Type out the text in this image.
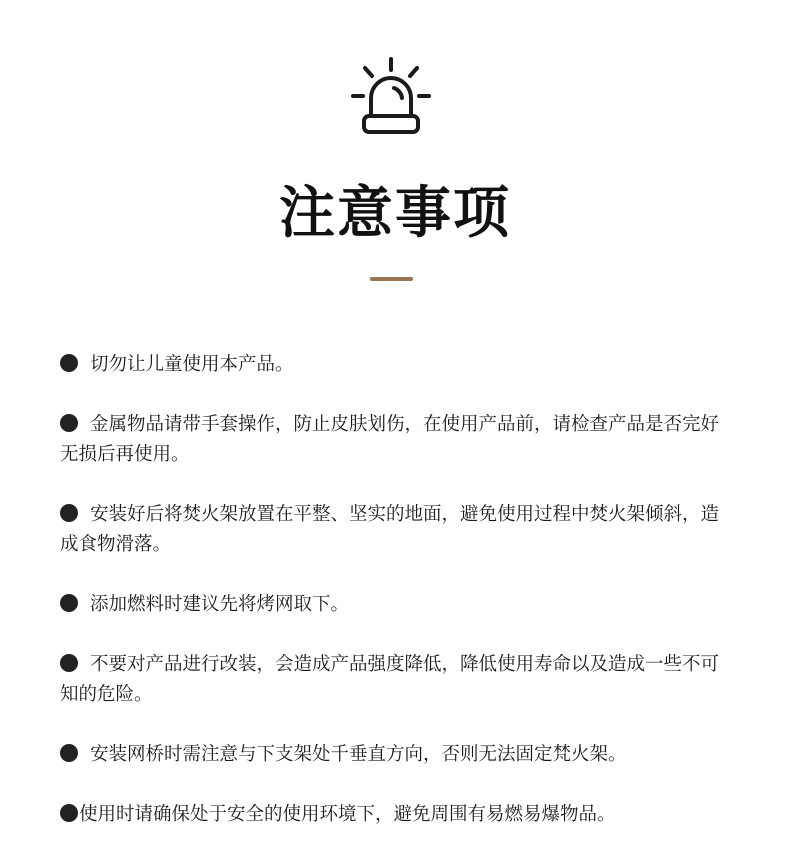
注意事项
切勿让儿童使用本产品。
金属物品请带手套操作，防止皮肤划伤，在使用产品前，请检查产品是否完好无损后再使用。
安装好后将焚火架放置在平整、坚实的地面，避免使用过程中焚火架倾斜，造成食物滑落。
添加燃料时建议先将烤网取下。
不要对产品进行改装，会造成产品强度降低，降低使用寿命以及造成一些不可知的危险。
安装网桥时需注意与下支架处千垂直方向，否则无法固定梵火架。
使用时请确保处于安全的使用环境下，避免周围有易燃易爆物品。
